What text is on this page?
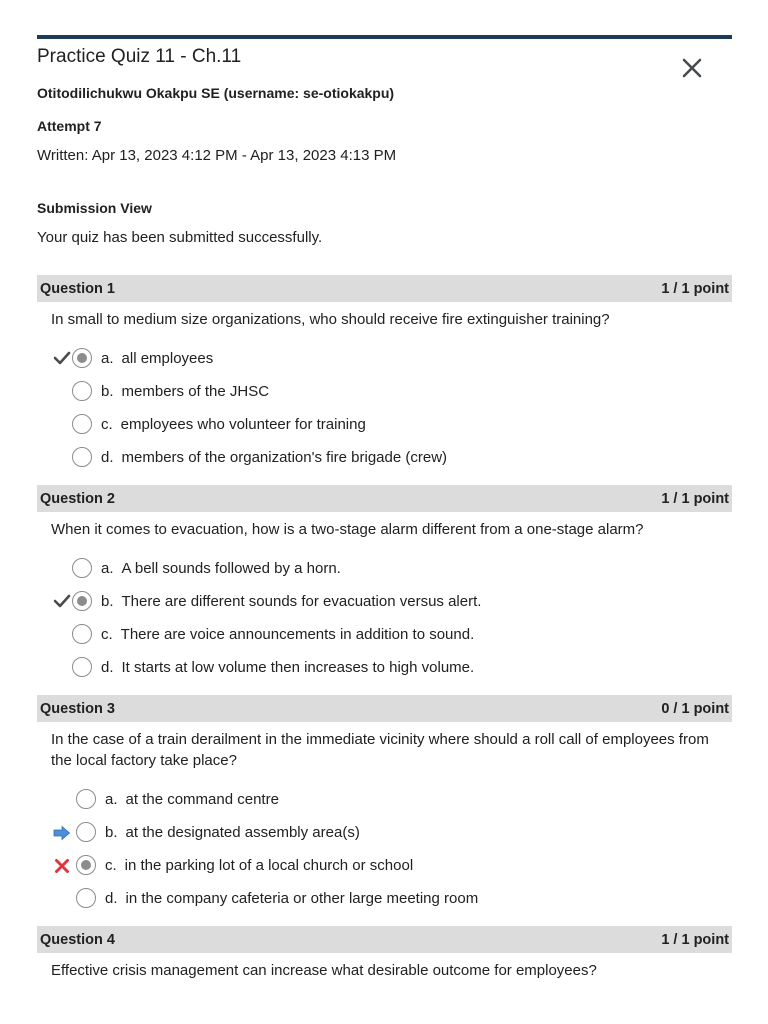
Practice Quiz 11 - Ch.11
Otitodilichukwu Okakpu SE (username: se-otiokakpu)
Attempt 7
Written: Apr 13, 2023 4:12 PM - Apr 13, 2023 4:13 PM
Submission View
Your quiz has been submitted successfully.
Question 1	1 / 1 point
In small to medium size organizations, who should receive fire extinguisher training?
a. all employees
b. members of the JHSC
c. employees who volunteer for training
d. members of the organization's fire brigade (crew)
Question 2	1 / 1 point
When it comes to evacuation, how is a two-stage alarm different from a one-stage alarm?
a. A bell sounds followed by a horn.
b. There are different sounds for evacuation versus alert.
c. There are voice announcements in addition to sound.
d. It starts at low volume then increases to high volume.
Question 3	0 / 1 point
In the case of a train derailment in the immediate vicinity where should a roll call of employees from the local factory take place?
a. at the command centre
b. at the designated assembly area(s)
c. in the parking lot of a local church or school
d. in the company cafeteria or other large meeting room
Question 4	1 / 1 point
Effective crisis management can increase what desirable outcome for employees?
